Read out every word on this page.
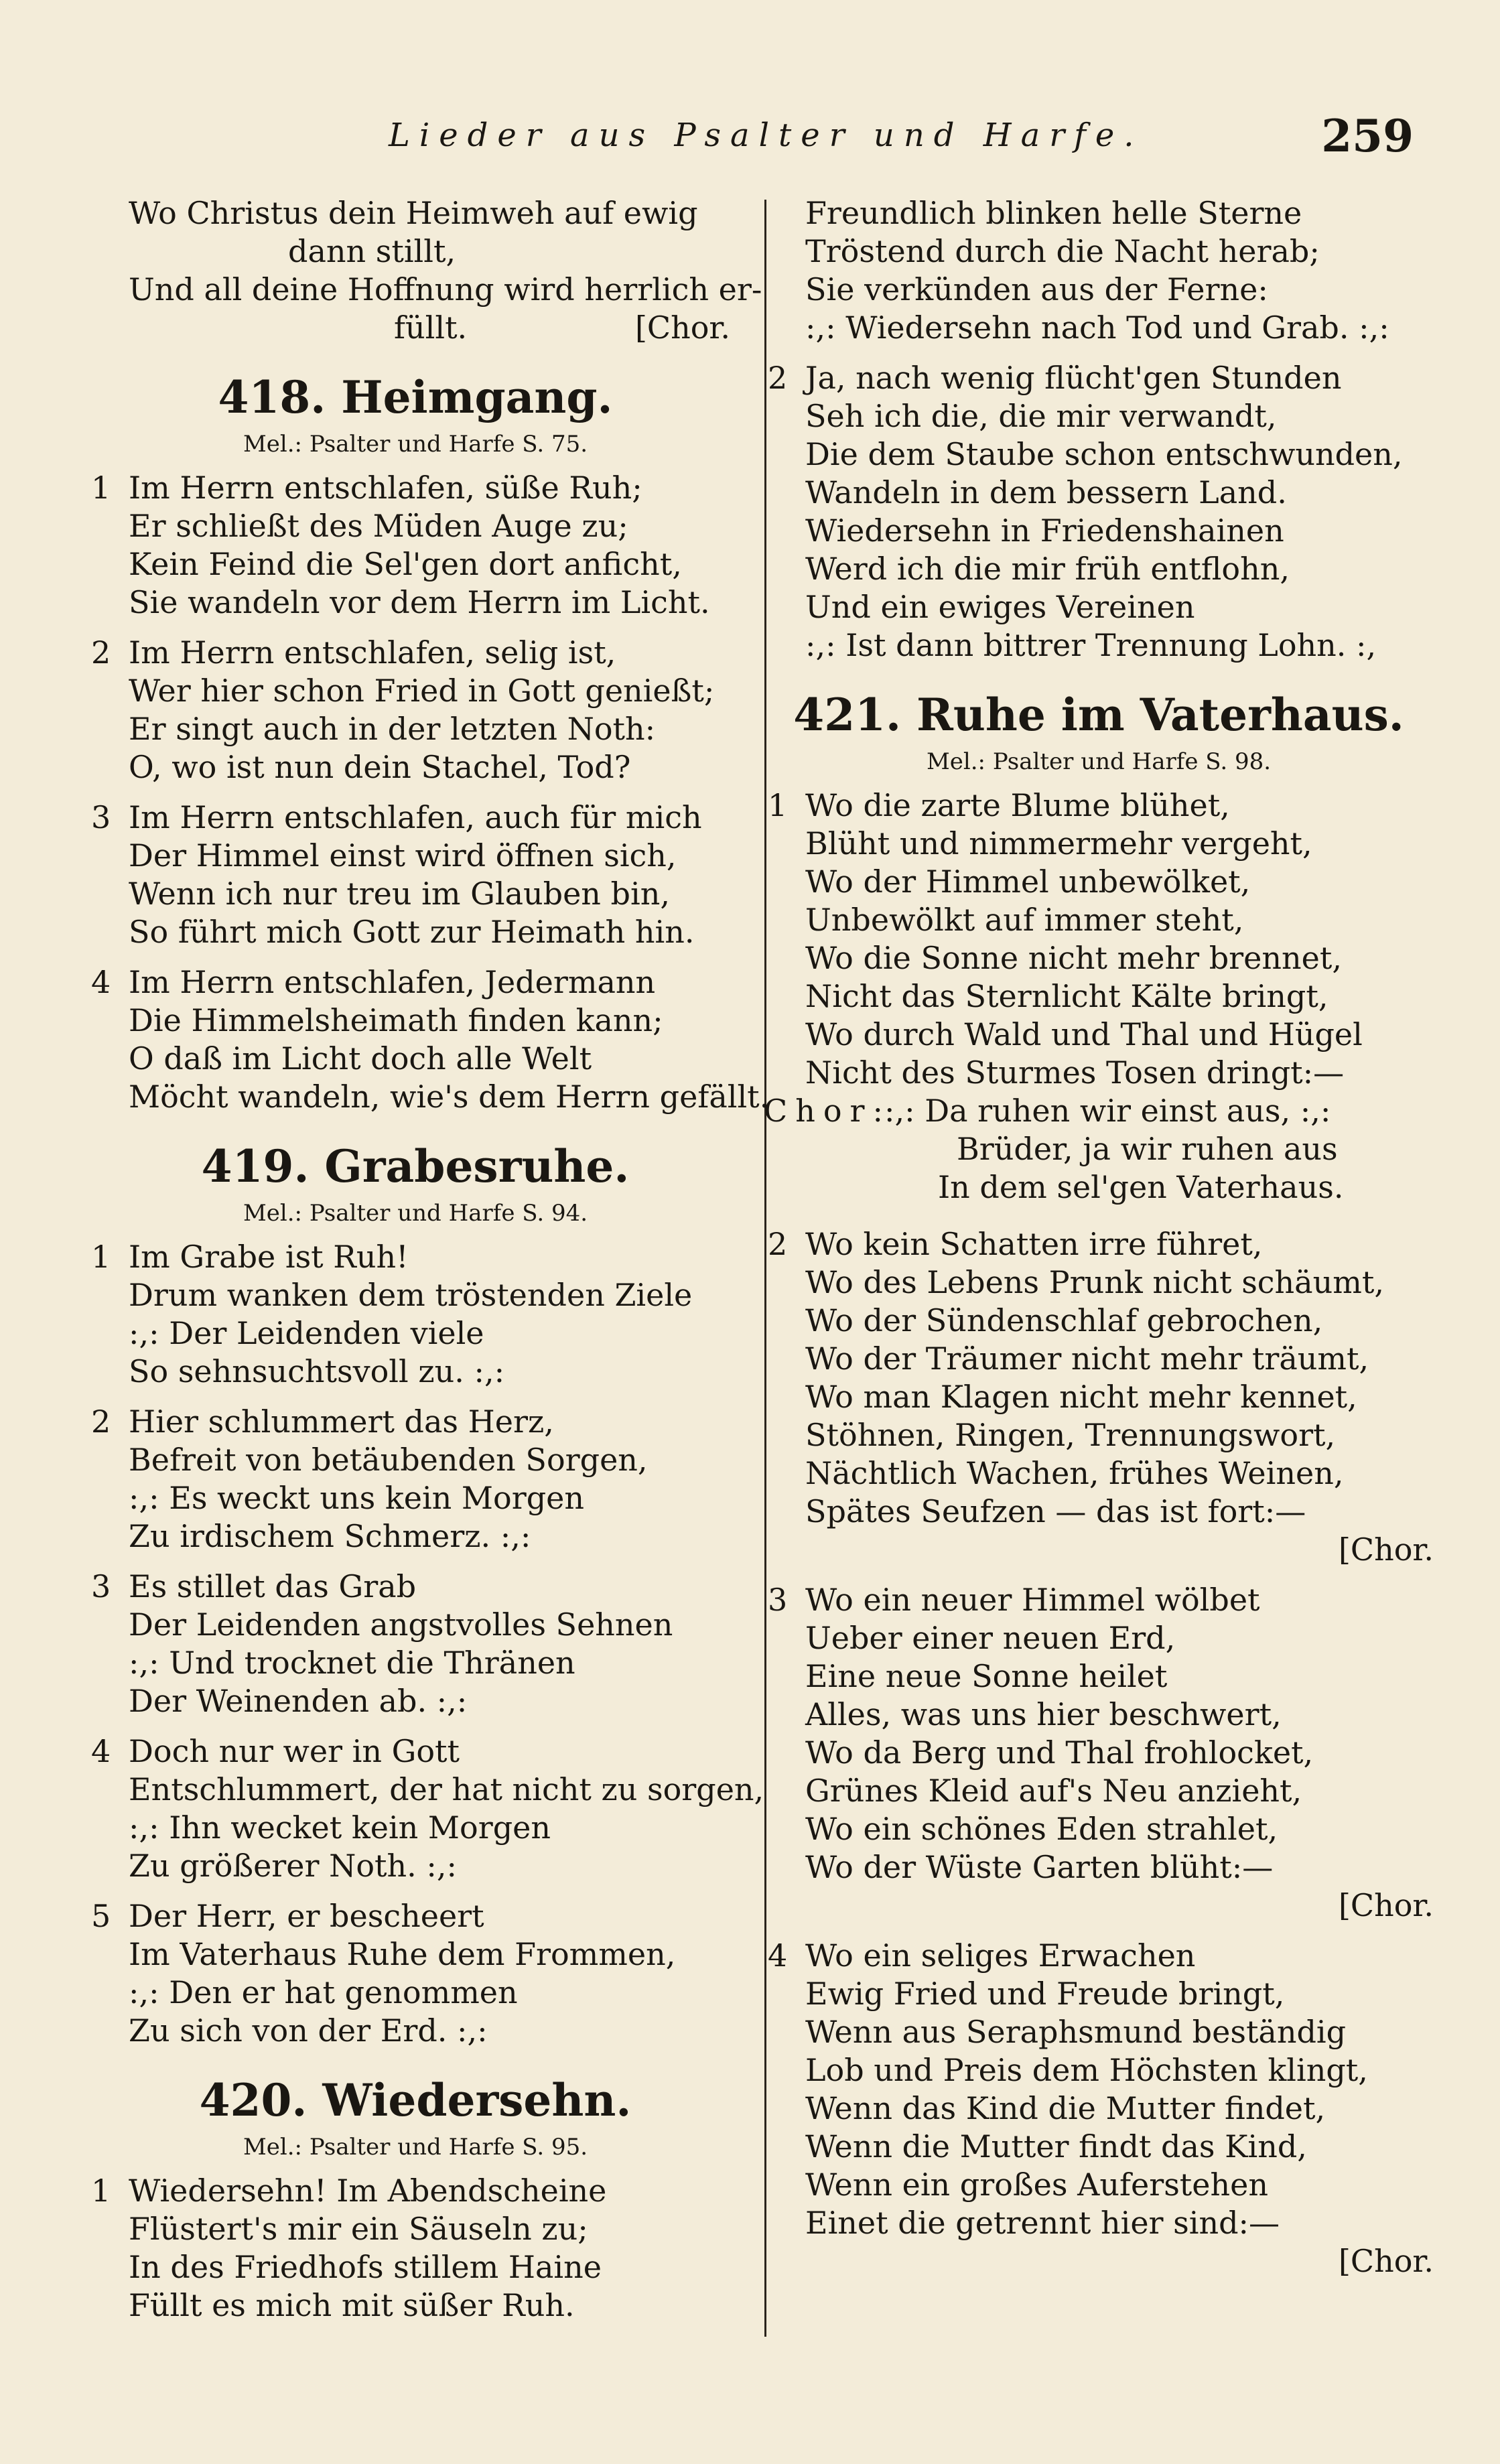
Lieder aus Psalter und Harfe.	259
Wo Christus dein Heimweh auf ewig
dann stillt,
Und all deine Hoffnung wird herrlich er-
füllt.	[Chor.
418. Heimgang.
Mel.: Psalter und Harfe S. 75.
1 Im Herrn entschlafen, süße Ruh;
Er schließt des Müden Auge zu;
Kein Feind die Sel'gen dort anficht,
Sie wandeln vor dem Herrn im Licht.
2 Im Herrn entschlafen, selig ist,
Wer hier schon Fried in Gott genießt;
Er singt auch in der letzten Noth:
O, wo ist nun dein Stachel, Tod?
3 Im Herrn entschlafen, auch für mich
Der Himmel einst wird öffnen sich,
Wenn ich nur treu im Glauben bin,
So führt mich Gott zur Heimath hin.
4 Im Herrn entschlafen, Jedermann
Die Himmelsheimath finden kann;
O daß im Licht doch alle Welt
Möcht wandeln, wie's dem Herrn gefällt.
419. Grabesruhe.
Mel.: Psalter und Harfe S. 94.
1 Im Grabe ist Ruh!
Drum wanken dem tröstenden Ziele
:,: Der Leidenden viele
So sehnsuchtsvoll zu. :,:
2 Hier schlummert das Herz,
Befreit von betäubenden Sorgen,
:,: Es weckt uns kein Morgen
Zu irdischem Schmerz. :,:
3 Es stillet das Grab
Der Leidenden angstvolles Sehnen
:,: Und trocknet die Thränen
Der Weinenden ab. :,:
4 Doch nur wer in Gott
Entschlummert, der hat nicht zu sorgen,
:,: Ihn wecket kein Morgen
Zu größerer Noth. :,:
5 Der Herr, er bescheert
Im Vaterhaus Ruhe dem Frommen,
:,: Den er hat genommen
Zu sich von der Erd. :,:
420. Wiedersehn.
Mel.: Psalter und Harfe S. 95.
1 Wiedersehn! Im Abendscheine
Flüstert's mir ein Säuseln zu;
In des Friedhofs stillem Haine
Füllt es mich mit süßer Ruh.
Freundlich blinken helle Sterne
Tröstend durch die Nacht herab;
Sie verkünden aus der Ferne:
:,: Wiedersehn nach Tod und Grab. :,:
2 Ja, nach wenig flücht'gen Stunden
Seh ich die, die mir verwandt,
Die dem Staube schon entschwunden,
Wandeln in dem bessern Land.
Wiedersehn in Friedenshainen
Werd ich die mir früh entflohn,
Und ein ewiges Vereinen
:,: Ist dann bittrer Trennung Lohn. :,
421. Ruhe im Vaterhaus.
Mel.: Psalter und Harfe S. 98.
1 Wo die zarte Blume blühet,
Blüht und nimmermehr vergeht,
Wo der Himmel unbewölket,
Unbewölkt auf immer steht,
Wo die Sonne nicht mehr brennet,
Nicht das Sternlicht Kälte bringt,
Wo durch Wald und Thal und Hügel
Nicht des Sturmes Tosen dringt:—
Chor:
:,: Da ruhen wir einst aus, :,:
Brüder, ja wir ruhen aus
In dem sel'gen Vaterhaus.
2 Wo kein Schatten irre führet,
Wo des Lebens Prunk nicht schäumt,
Wo der Sündenschlaf gebrochen,
Wo der Träumer nicht mehr träumt,
Wo man Klagen nicht mehr kennet,
Stöhnen, Ringen, Trennungswort,
Nächtlich Wachen, frühes Weinen,
Spätes Seufzen — das ist fort:—
[Chor.
3 Wo ein neuer Himmel wölbet
Ueber einer neuen Erd,
Eine neue Sonne heilet
Alles, was uns hier beschwert,
Wo da Berg und Thal frohlocket,
Grünes Kleid auf's Neu anzieht,
Wo ein schönes Eden strahlet,
Wo der Wüste Garten blüht:—
[Chor.
4 Wo ein seliges Erwachen
Ewig Fried und Freude bringt,
Wenn aus Seraphsmund beständig
Lob und Preis dem Höchsten klingt,
Wenn das Kind die Mutter findet,
Wenn die Mutter findt das Kind,
Wenn ein großes Auferstehen
Einet die getrennt hier sind:—
[Chor.
